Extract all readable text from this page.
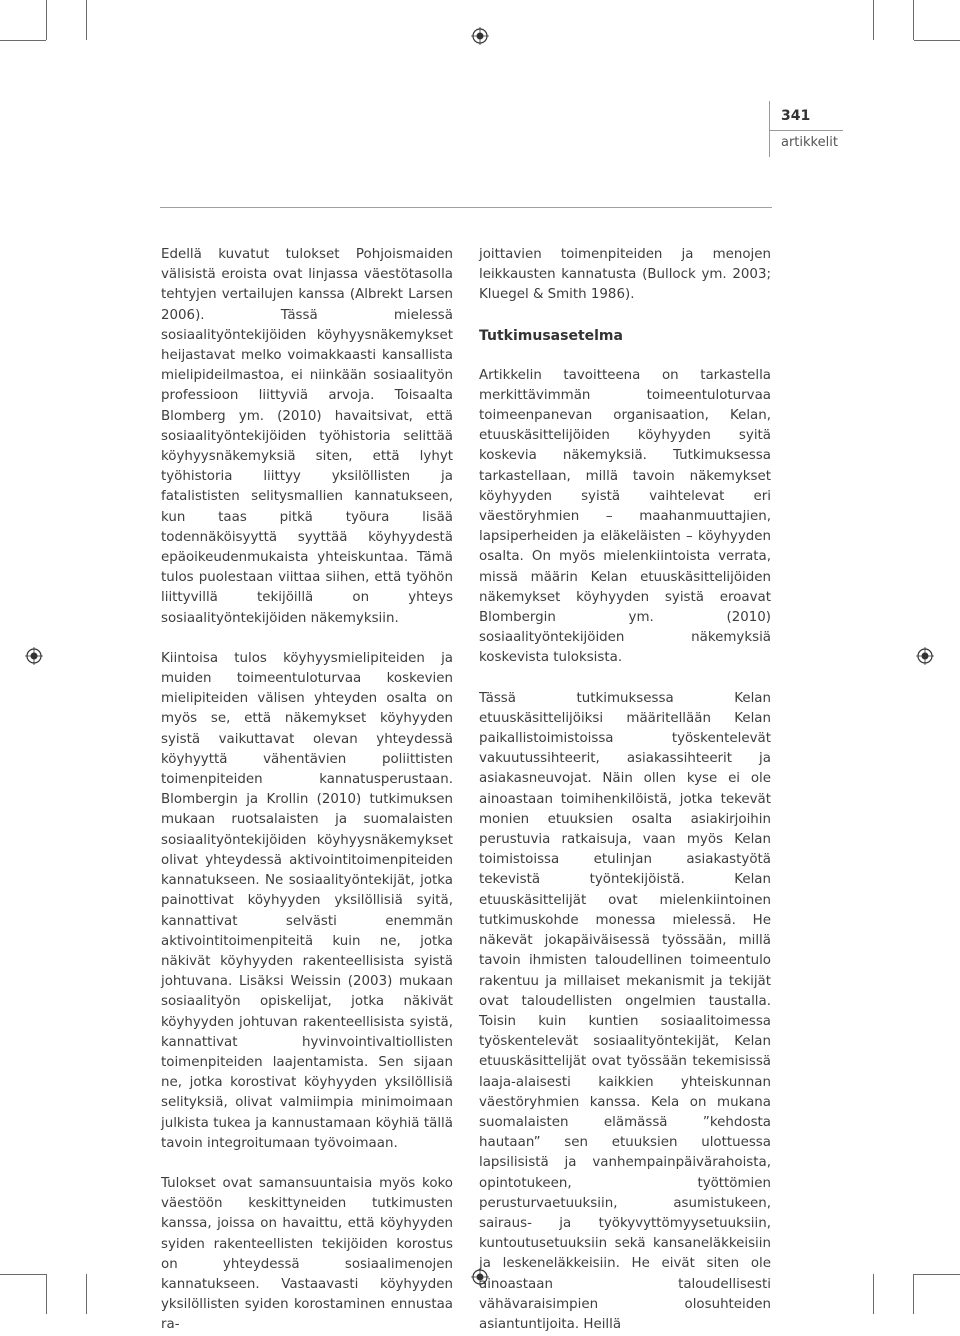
341
artikkelit

Edellä kuvatut tulokset Pohjoismaiden välisistä eroista ovat linjassa väestötasolla tehtyjen vertailujen kanssa (Albrekt Larsen 2006). Tässä mielessä sosiaalityöntekijöiden köyhyysnäkemykset heijastavat melko voimakkaasti kansallista mielipideilmastoa, ei niinkään sosiaalityön professioon liittyviä arvoja. Toisaalta Blomberg ym. (2010) havaitsivat, että sosiaalityöntekijöiden työhistoria selittää köyhyysnäkemyksiä siten, että lyhyt työhistoria liittyy yksilöllisten ja fatalististen selitysmallien kannatukseen, kun taas pitkä työura lisää todennäköisyyttä syyttää köyhyydestä epäoikeudenmukaista yhteiskuntaa. Tämä tulos puolestaan viittaa siihen, että työhön liittyvillä tekijöillä on yhteys sosiaalityöntekijöiden näkemyksiin.

Kiintoisa tulos köyhyysmielipiteiden ja muiden toimeentuloturvaa koskevien mielipiteiden välisen yhteyden osalta on myös se, että näkemykset köyhyyden syistä vaikuttavat olevan yhteydessä köyhyyttä vähentävien poliittisten toimenpiteiden kannatusperustaan. Blombergin ja Krollin (2010) tutkimuksen mukaan ruotsalaisten ja suomalaisten sosiaalityöntekijöiden köyhyysnäkemykset olivat yhteydessä aktivointitoimenpiteiden kannatukseen. Ne sosiaalityöntekijät, jotka painottivat köyhyyden yksilöllisiä syitä, kannattivat selvästi enemmän aktivointitoimenpiteitä kuin ne, jotka näkivät köyhyyden rakenteellisista syistä johtuvana. Lisäksi Weissin (2003) mukaan sosiaalityön opiskelijat, jotka näkivät köyhyyden johtuvan rakenteellisista syistä, kannattivat hyvinvointivaltiollisten toimenpiteiden laajentamista. Sen sijaan ne, jotka korostivat köyhyyden yksilöllisiä selityksiä, olivat valmiimpia minimoimaan julkista tukea ja kannustamaan köyhiä tällä tavoin integroitumaan työvoimaan.

Tulokset ovat samansuuntaisia myös koko väestöön keskittyneiden tutkimusten kanssa, joissa on havaittu, että köyhyyden syiden rakenteellisten tekijöiden korostus on yhteydessä sosiaalimenojen kannatukseen. Vastaavasti köyhyyden yksilöllisten syiden korostaminen ennustaa ra-

joittavien toimenpiteiden ja menojen leikkausten kannatusta (Bullock ym. 2003; Kluegel & Smith 1986).

Tutkimusasetelma

Artikkelin tavoitteena on tarkastella merkittävimmän toimeentuloturvaa toimeenpanevan organisaation, Kelan, etuuskäsittelijöiden köyhyyden syitä koskevia näkemyksiä. Tutkimuksessa tarkastellaan, millä tavoin näkemykset köyhyyden syistä vaihtelevat eri väestöryhmien – maahanmuuttajien, lapsiperheiden ja eläkeläisten – köyhyyden osalta. On myös mielenkiintoista verrata, missä määrin Kelan etuuskäsittelijöiden näkemykset köyhyyden syistä eroavat Blombergin ym. (2010) sosiaalityöntekijöiden näkemyksiä koskevista tuloksista.

Tässä tutkimuksessa Kelan etuuskäsittelijöiksi määritellään Kelan paikallistoimistoissa työskentelevät vakuutussihteerit, asiakassihteerit ja asiakasneuvojat. Näin ollen kyse ei ole ainoastaan toimihenkilöistä, jotka tekevät monien etuuksien osalta asiakirjoihin perustuvia ratkaisuja, vaan myös Kelan toimistoissa etulinjan asiakastyötä tekevistä työntekijöistä. Kelan etuuskäsittelijät ovat mielenkiintoinen tutkimuskohde monessa mielessä. He näkevät jokapäiväisessä työssään, millä tavoin ihmisten taloudellinen toimeentulo rakentuu ja millaiset mekanismit ja tekijät ovat taloudellisten ongelmien taustalla. Toisin kuin kuntien sosiaalitoimessa työskentelevät sosiaalityöntekijät, Kelan etuuskäsittelijät ovat työssään tekemisissä laaja-alaisesti kaikkien yhteiskunnan väestöryhmien kanssa. Kela on mukana suomalaisten elämässä ”kehdosta hautaan” sen etuuksien ulottuessa lapsilisistä ja vanhempainpäivärahoista, opintotukeen, työttömien perusturvaetuuksiin, asumistukeen, sairaus- ja työkyvyttömyysetuuksiin, kuntoutusetuuksiin sekä kansaneläkkeisiin ja leskeneläkkeisiin. He eivät siten ole ainoastaan taloudellisesti vähävaraisimpien olosuhteiden asiantuntijoita. Heillä
